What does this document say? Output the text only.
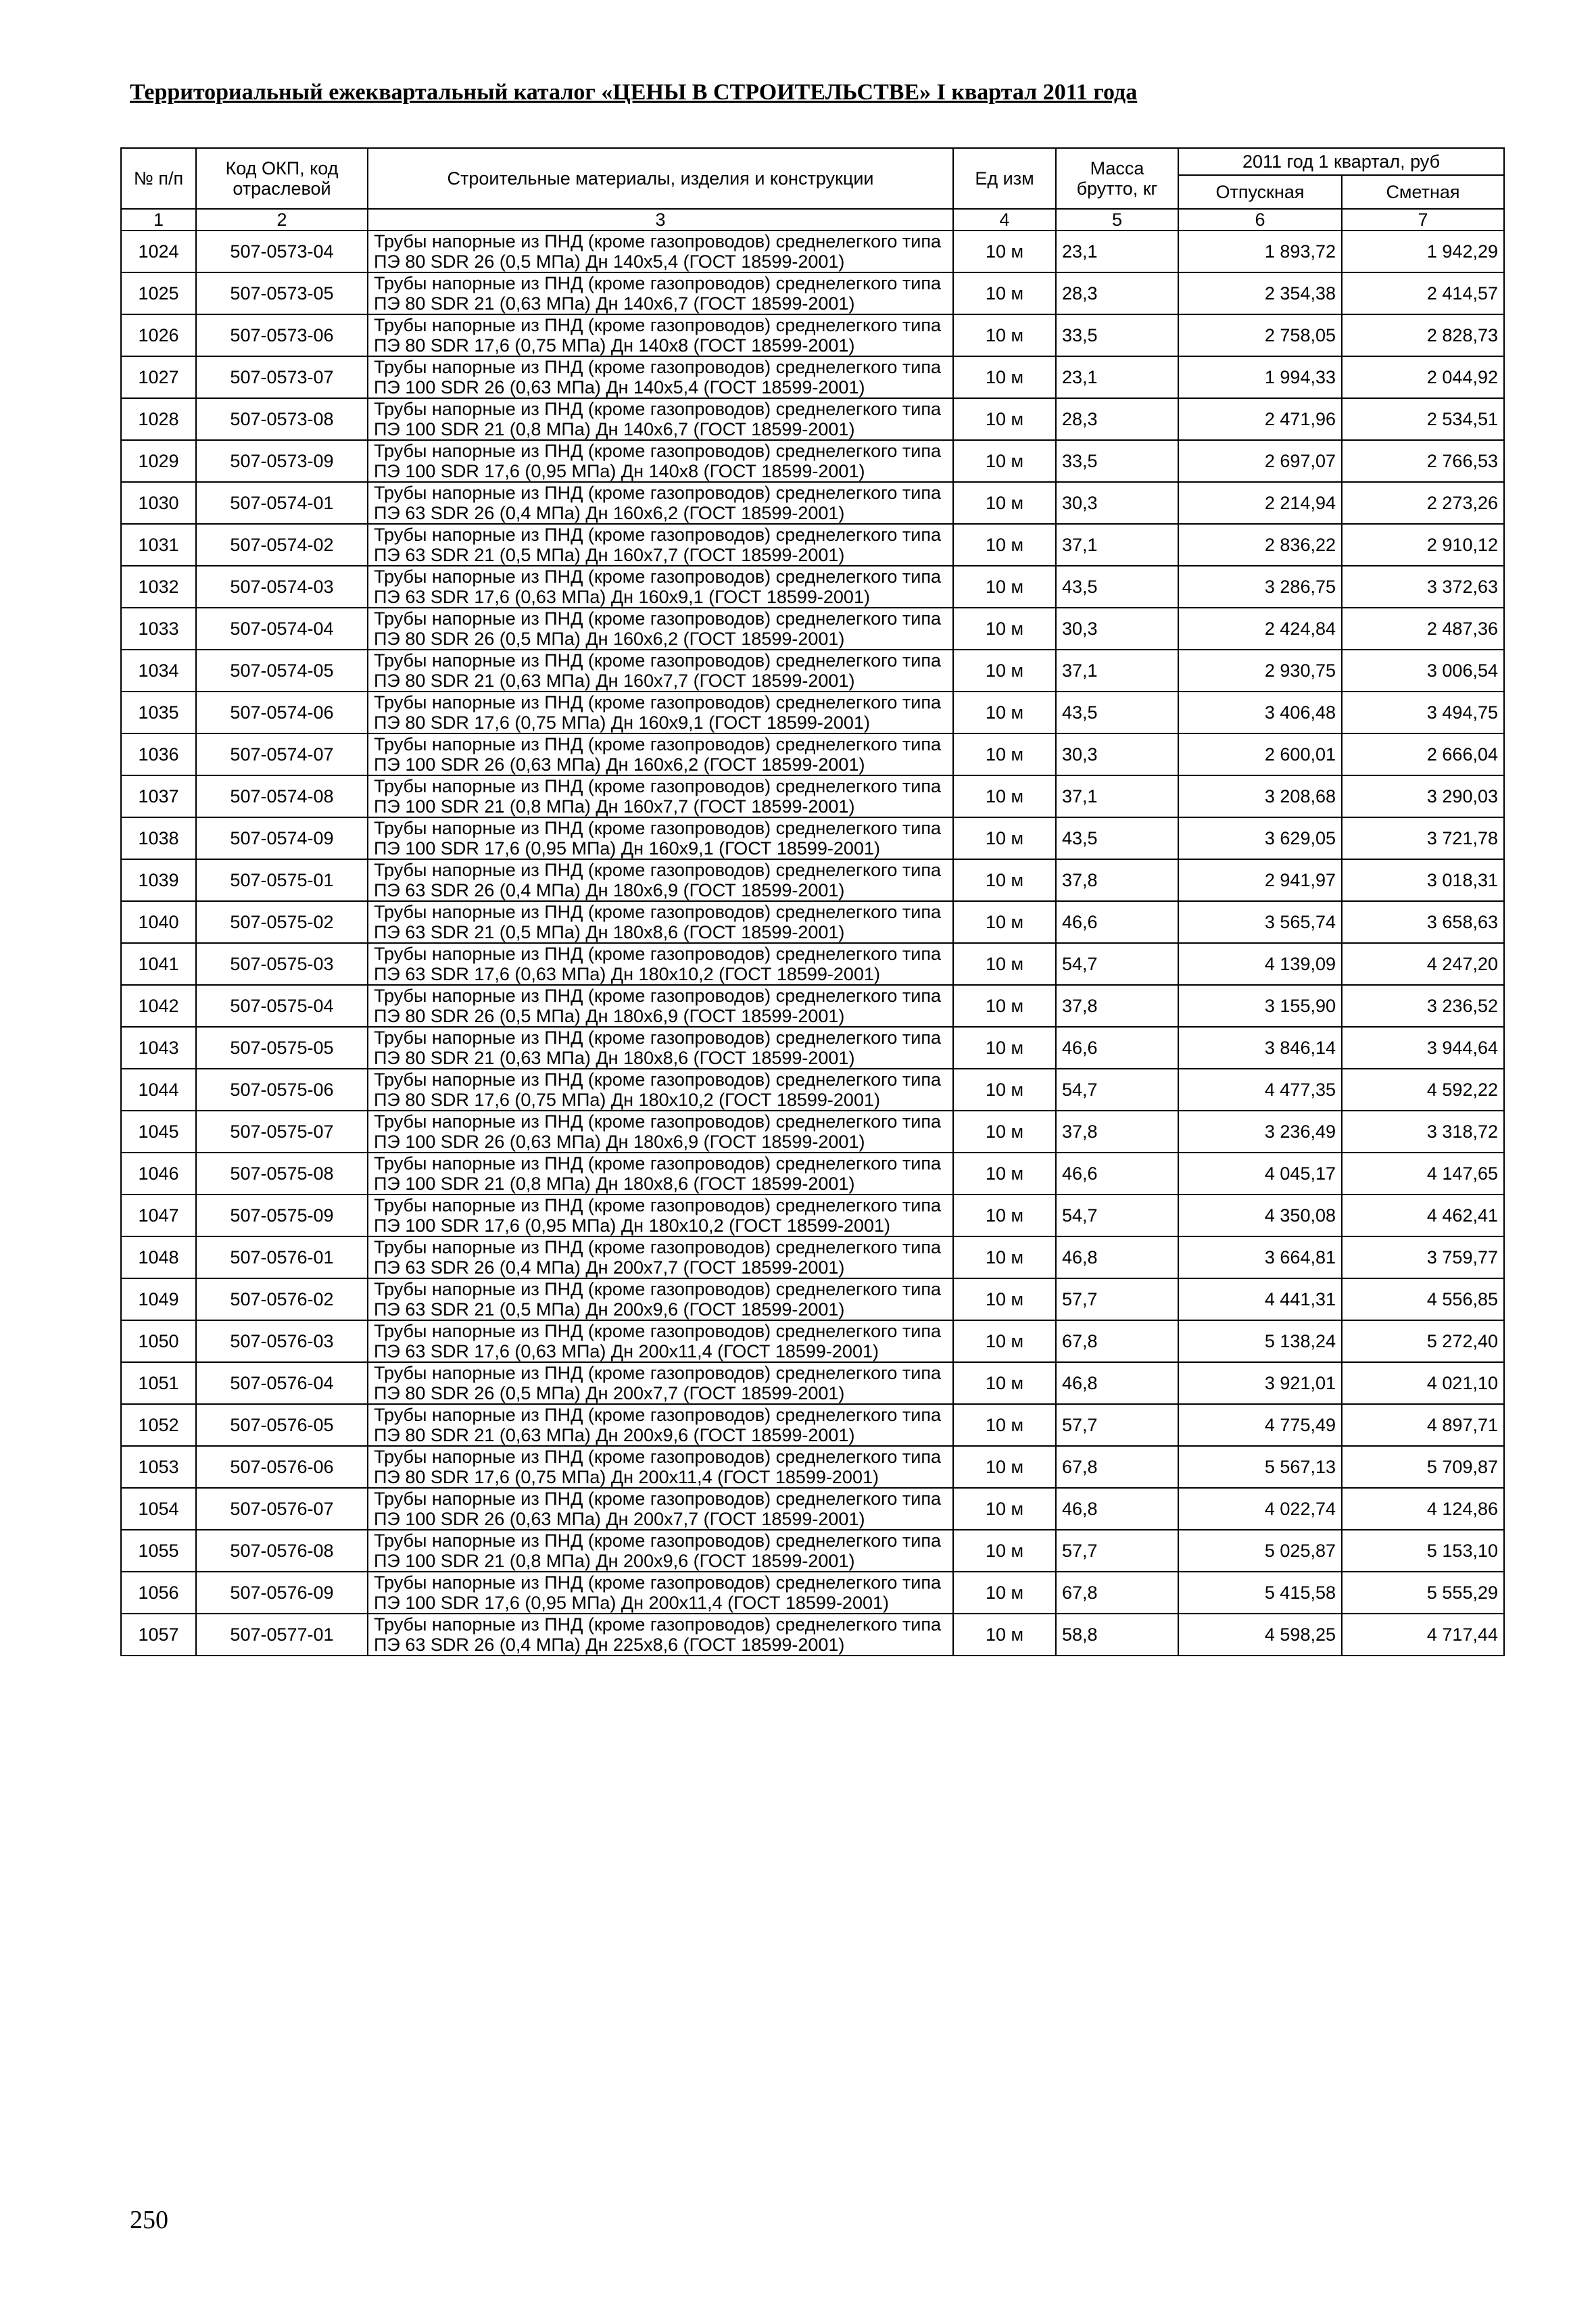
Территориальный ежеквартальный каталог «ЦЕНЫ В СТРОИТЕЛЬСТВЕ» I квартал 2011 года
№ п/п	Код ОКП, код отраслевой	Строительные материалы, изделия и конструкции	Ед изм	Масса брутто, кг	2011 год 1 квартал, руб	
					Отпускная	Сметная
1	2	3	4	5	6	7
1024	507-0573-04	Трубы напорные из ПНД (кроме газопроводов) среднелегкого типа ПЭ 80 SDR 26 (0,5 МПа) Дн 140х5,4 (ГОСТ 18599-2001)	10 м	23,1	1 893,72	1 942,29
1025	507-0573-05	Трубы напорные из ПНД (кроме газопроводов) среднелегкого типа ПЭ 80 SDR 21 (0,63 МПа) Дн 140х6,7 (ГОСТ 18599-2001)	10 м	28,3	2 354,38	2 414,57
1026	507-0573-06	Трубы напорные из ПНД (кроме газопроводов) среднелегкого типа ПЭ 80 SDR 17,6 (0,75 МПа) Дн 140х8 (ГОСТ 18599-2001)	10 м	33,5	2 758,05	2 828,73
1027	507-0573-07	Трубы напорные из ПНД (кроме газопроводов) среднелегкого типа ПЭ 100 SDR 26 (0,63 МПа) Дн 140х5,4 (ГОСТ 18599-2001)	10 м	23,1	1 994,33	2 044,92
1028	507-0573-08	Трубы напорные из ПНД (кроме газопроводов) среднелегкого типа ПЭ 100 SDR 21 (0,8 МПа) Дн 140х6,7 (ГОСТ 18599-2001)	10 м	28,3	2 471,96	2 534,51
1029	507-0573-09	Трубы напорные из ПНД (кроме газопроводов) среднелегкого типа ПЭ 100 SDR 17,6 (0,95 МПа) Дн 140х8 (ГОСТ 18599-2001)	10 м	33,5	2 697,07	2 766,53
1030	507-0574-01	Трубы напорные из ПНД (кроме газопроводов) среднелегкого типа ПЭ 63 SDR 26 (0,4 МПа) Дн 160х6,2 (ГОСТ 18599-2001)	10 м	30,3	2 214,94	2 273,26
1031	507-0574-02	Трубы напорные из ПНД (кроме газопроводов) среднелегкого типа ПЭ 63 SDR 21 (0,5 МПа) Дн 160х7,7 (ГОСТ 18599-2001)	10 м	37,1	2 836,22	2 910,12
1032	507-0574-03	Трубы напорные из ПНД (кроме газопроводов) среднелегкого типа ПЭ 63 SDR 17,6 (0,63 МПа) Дн 160х9,1 (ГОСТ 18599-2001)	10 м	43,5	3 286,75	3 372,63
1033	507-0574-04	Трубы напорные из ПНД (кроме газопроводов) среднелегкого типа ПЭ 80 SDR 26 (0,5 МПа) Дн 160х6,2 (ГОСТ 18599-2001)	10 м	30,3	2 424,84	2 487,36
1034	507-0574-05	Трубы напорные из ПНД (кроме газопроводов) среднелегкого типа ПЭ 80 SDR 21 (0,63 МПа) Дн 160х7,7 (ГОСТ 18599-2001)	10 м	37,1	2 930,75	3 006,54
1035	507-0574-06	Трубы напорные из ПНД (кроме газопроводов) среднелегкого типа ПЭ 80 SDR 17,6 (0,75 МПа) Дн 160х9,1 (ГОСТ 18599-2001)	10 м	43,5	3 406,48	3 494,75
1036	507-0574-07	Трубы напорные из ПНД (кроме газопроводов) среднелегкого типа ПЭ 100 SDR 26 (0,63 МПа) Дн 160х6,2 (ГОСТ 18599-2001)	10 м	30,3	2 600,01	2 666,04
1037	507-0574-08	Трубы напорные из ПНД (кроме газопроводов) среднелегкого типа ПЭ 100 SDR 21 (0,8 МПа) Дн 160х7,7 (ГОСТ 18599-2001)	10 м	37,1	3 208,68	3 290,03
1038	507-0574-09	Трубы напорные из ПНД (кроме газопроводов) среднелегкого типа ПЭ 100 SDR 17,6 (0,95 МПа) Дн 160х9,1 (ГОСТ 18599-2001)	10 м	43,5	3 629,05	3 721,78
1039	507-0575-01	Трубы напорные из ПНД (кроме газопроводов) среднелегкого типа ПЭ 63 SDR 26 (0,4 МПа) Дн 180х6,9 (ГОСТ 18599-2001)	10 м	37,8	2 941,97	3 018,31
1040	507-0575-02	Трубы напорные из ПНД (кроме газопроводов) среднелегкого типа ПЭ 63 SDR 21 (0,5 МПа) Дн 180х8,6 (ГОСТ 18599-2001)	10 м	46,6	3 565,74	3 658,63
1041	507-0575-03	Трубы напорные из ПНД (кроме газопроводов) среднелегкого типа ПЭ 63 SDR 17,6 (0,63 МПа) Дн 180х10,2 (ГОСТ 18599-2001)	10 м	54,7	4 139,09	4 247,20
1042	507-0575-04	Трубы напорные из ПНД (кроме газопроводов) среднелегкого типа ПЭ 80 SDR 26 (0,5 МПа) Дн 180х6,9 (ГОСТ 18599-2001)	10 м	37,8	3 155,90	3 236,52
1043	507-0575-05	Трубы напорные из ПНД (кроме газопроводов) среднелегкого типа ПЭ 80 SDR 21 (0,63 МПа) Дн 180х8,6 (ГОСТ 18599-2001)	10 м	46,6	3 846,14	3 944,64
1044	507-0575-06	Трубы напорные из ПНД (кроме газопроводов) среднелегкого типа ПЭ 80 SDR 17,6 (0,75 МПа) Дн 180х10,2 (ГОСТ 18599-2001)	10 м	54,7	4 477,35	4 592,22
1045	507-0575-07	Трубы напорные из ПНД (кроме газопроводов) среднелегкого типа ПЭ 100 SDR 26 (0,63 МПа) Дн 180х6,9 (ГОСТ 18599-2001)	10 м	37,8	3 236,49	3 318,72
1046	507-0575-08	Трубы напорные из ПНД (кроме газопроводов) среднелегкого типа ПЭ 100 SDR 21 (0,8 МПа) Дн 180х8,6 (ГОСТ 18599-2001)	10 м	46,6	4 045,17	4 147,65
1047	507-0575-09	Трубы напорные из ПНД (кроме газопроводов) среднелегкого типа ПЭ 100 SDR 17,6 (0,95 МПа) Дн 180х10,2 (ГОСТ 18599-2001)	10 м	54,7	4 350,08	4 462,41
1048	507-0576-01	Трубы напорные из ПНД (кроме газопроводов) среднелегкого типа ПЭ 63 SDR 26 (0,4 МПа) Дн 200х7,7 (ГОСТ 18599-2001)	10 м	46,8	3 664,81	3 759,77
1049	507-0576-02	Трубы напорные из ПНД (кроме газопроводов) среднелегкого типа ПЭ 63 SDR 21 (0,5 МПа) Дн 200х9,6 (ГОСТ 18599-2001)	10 м	57,7	4 441,31	4 556,85
1050	507-0576-03	Трубы напорные из ПНД (кроме газопроводов) среднелегкого типа ПЭ 63 SDR 17,6 (0,63 МПа) Дн 200х11,4 (ГОСТ 18599-2001)	10 м	67,8	5 138,24	5 272,40
1051	507-0576-04	Трубы напорные из ПНД (кроме газопроводов) среднелегкого типа ПЭ 80 SDR 26 (0,5 МПа) Дн 200х7,7 (ГОСТ 18599-2001)	10 м	46,8	3 921,01	4 021,10
1052	507-0576-05	Трубы напорные из ПНД (кроме газопроводов) среднелегкого типа ПЭ 80 SDR 21 (0,63 МПа) Дн 200х9,6 (ГОСТ 18599-2001)	10 м	57,7	4 775,49	4 897,71
1053	507-0576-06	Трубы напорные из ПНД (кроме газопроводов) среднелегкого типа ПЭ 80 SDR 17,6 (0,75 МПа) Дн 200х11,4 (ГОСТ 18599-2001)	10 м	67,8	5 567,13	5 709,87
1054	507-0576-07	Трубы напорные из ПНД (кроме газопроводов) среднелегкого типа ПЭ 100 SDR 26 (0,63 МПа) Дн 200х7,7 (ГОСТ 18599-2001)	10 м	46,8	4 022,74	4 124,86
1055	507-0576-08	Трубы напорные из ПНД (кроме газопроводов) среднелегкого типа ПЭ 100 SDR 21 (0,8 МПа) Дн 200х9,6 (ГОСТ 18599-2001)	10 м	57,7	5 025,87	5 153,10
1056	507-0576-09	Трубы напорные из ПНД (кроме газопроводов) среднелегкого типа ПЭ 100 SDR 17,6 (0,95 МПа) Дн 200х11,4 (ГОСТ 18599-2001)	10 м	67,8	5 415,58	5 555,29
1057	507-0577-01	Трубы напорные из ПНД (кроме газопроводов) среднелегкого типа ПЭ 63 SDR 26 (0,4 МПа) Дн 225х8,6 (ГОСТ 18599-2001)	10 м	58,8	4 598,25	4 717,44
250
